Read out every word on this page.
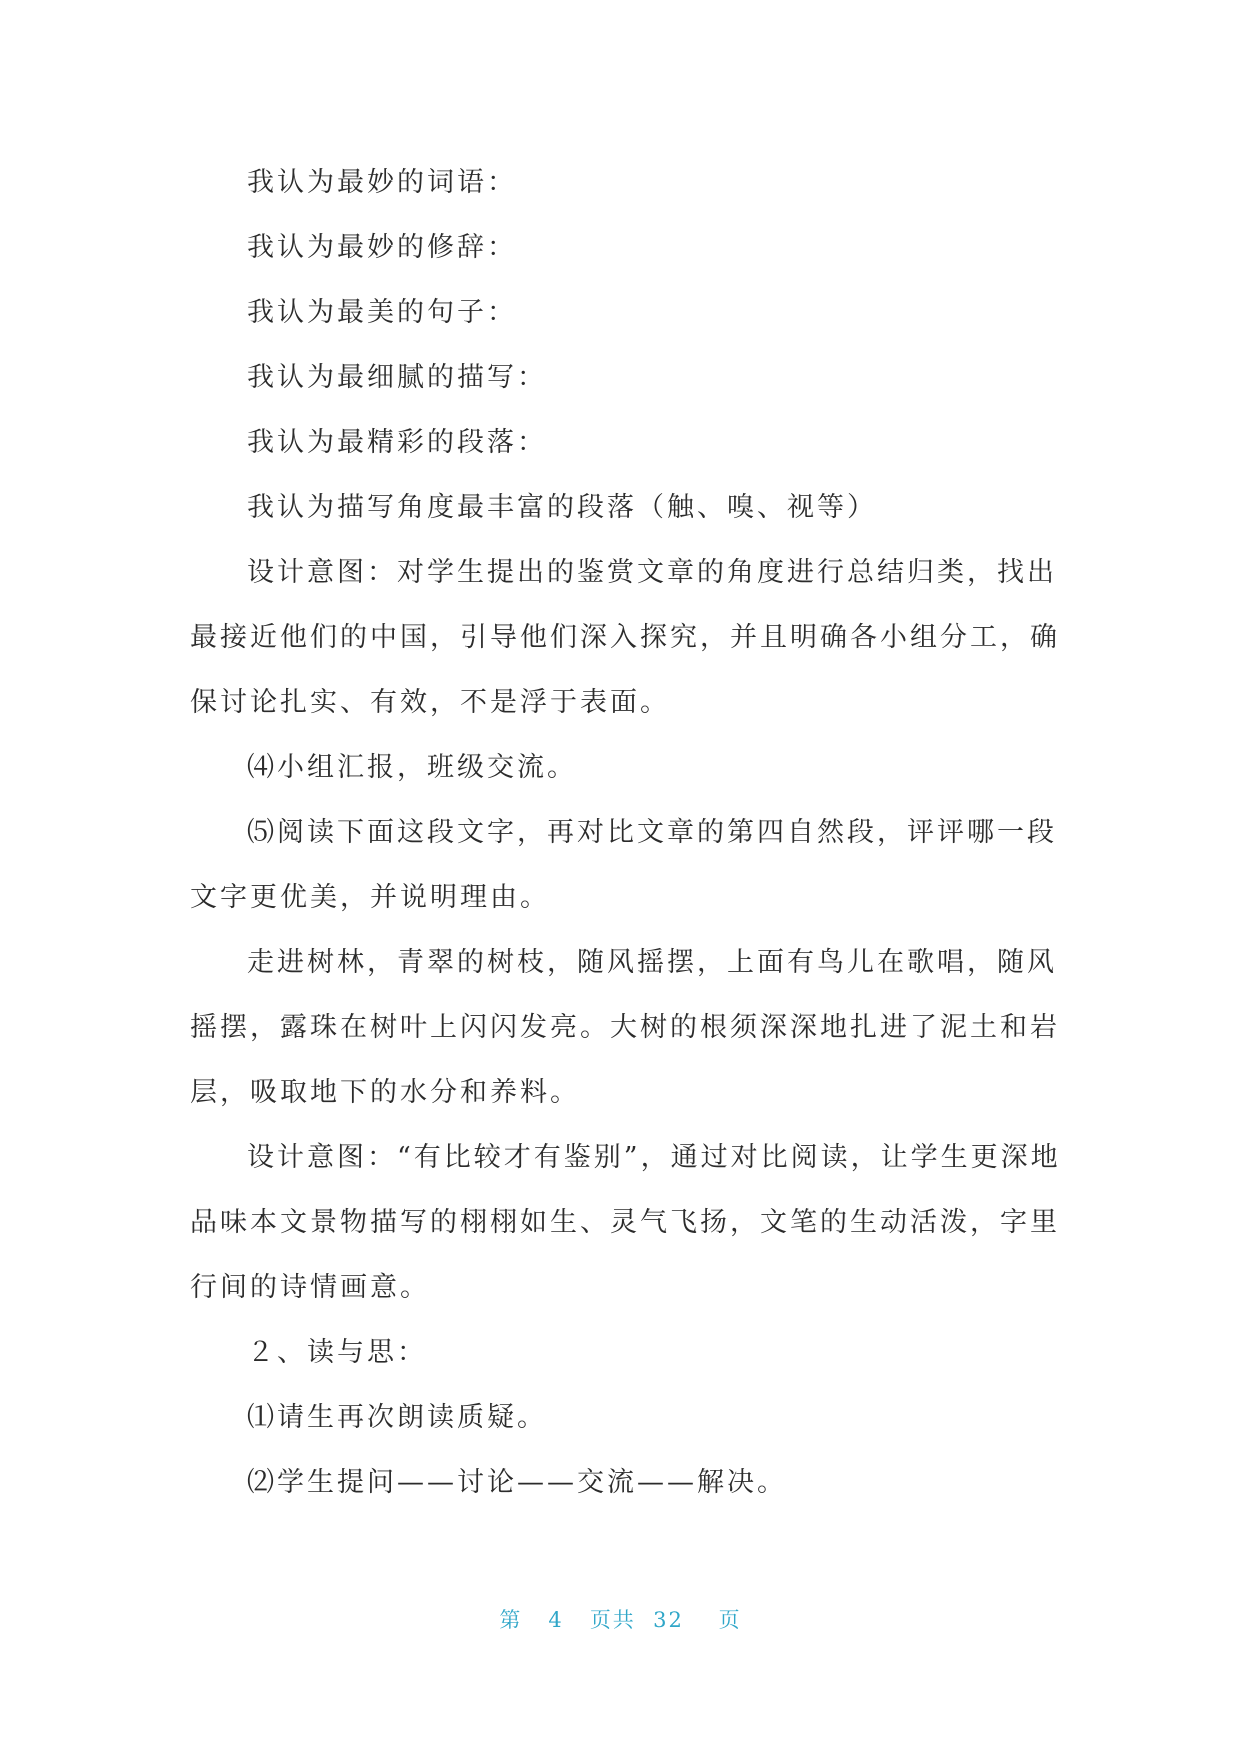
我认为最妙的词语：
我认为最妙的修辞：
我认为最美的句子：
我认为最细腻的描写：
我认为最精彩的段落：
我认为描写角度最丰富的段落（触、嗅、视等）
设计意图：对学生提出的鉴赏文章的角度进行总结归类，找出
最接近他们的中国，引导他们深入探究，并且明确各小组分工，确
保讨论扎实、有效，不是浮于表面。
⑷小组汇报，班级交流。
⑸阅读下面这段文字，再对比文章的第四自然段，评评哪一段
文字更优美，并说明理由。
走进树林，青翠的树枝，随风摇摆，上面有鸟儿在歌唱，随风
摇摆，露珠在树叶上闪闪发亮。大树的根须深深地扎进了泥土和岩
层，吸取地下的水分和养料。
设计意图：“有比较才有鉴别”，通过对比阅读，让学生更深地
品味本文景物描写的栩栩如生、灵气飞扬，文笔的生动活泼，字里
行间的诗情画意。
２、读与思：
⑴请生再次朗读质疑。
⑵学生提问——讨论——交流——解决。
第 4 页共 32 页
